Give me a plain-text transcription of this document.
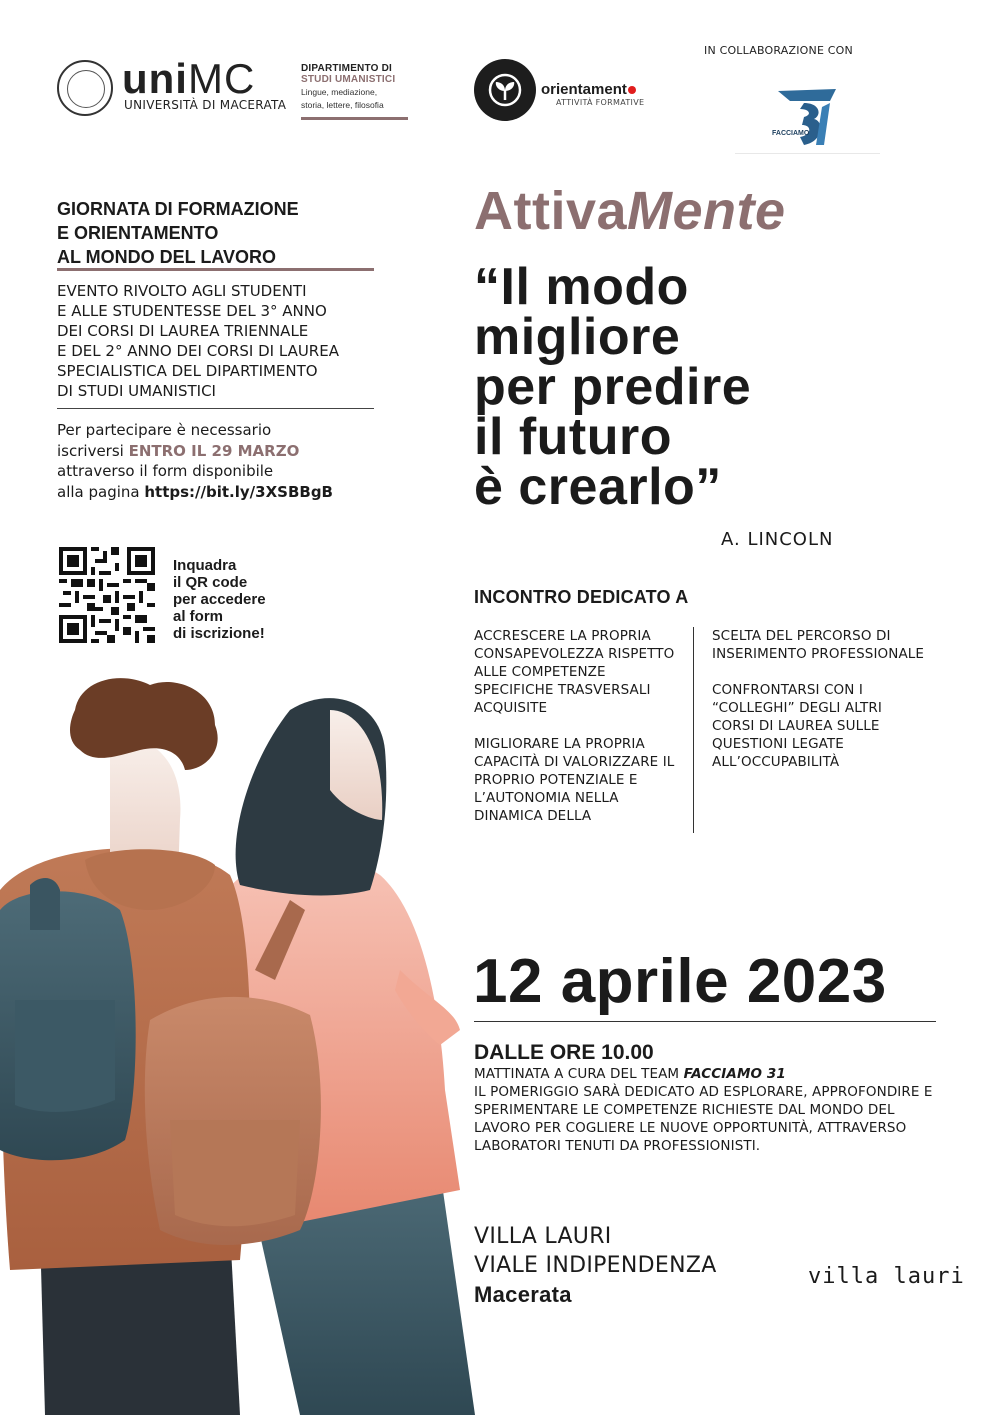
uniMC
UNIVERSITÀ DI MACERATA
DIPARTIMENTO DI
STUDI UMANISTICI
Lingue, mediazione,
storia, lettere, filosofia
orientament
ATTIVITÀ FORMATIVE
IN COLLABORAZIONE CON
FACCIAMO
GIORNATA DI FORMAZIONE
E ORIENTAMENTO
AL MONDO DEL LAVORO
EVENTO RIVOLTO AGLI STUDENTI
E ALLE STUDENTESSE DEL 3° ANNO
DEI CORSI DI LAUREA TRIENNALE
E DEL 2° ANNO DEI CORSI DI LAUREA
SPECIALISTICA DEL DIPARTIMENTO
DI STUDI UMANISTICI
Per partecipare è necessario
iscriversi ENTRO IL 29 MARZO
attraverso il form disponibile
alla pagina https://bit.ly/3XSBBgB
Inquadra
il QR code
per accedere
al form
di iscrizione!
AttivaMente
“Il modo
migliore
per predire
il futuro
è crearlo”
A. LINCOLN
INCONTRO DEDICATO A

ACCRESCERE LA PROPRIA CONSAPEVOLEZZA RISPETTO ALLE COMPETENZE SPECIFICHE TRASVERSALI ACQUISITE

MIGLIORARE LA PROPRIA CAPACITÀ DI VALORIZZARE IL PROPRIO POTENZIALE E L’AUTONOMIA NELLA DINAMICA DELLA

SCELTA DEL PERCORSO DI INSERIMENTO PROFESSIONALE

CONFRONTARSI CON I “COLLEGHI” DEGLI ALTRI CORSI DI LAUREA SULLE QUESTIONI LEGATE ALL’OCCUPABILITÀ

12 aprile 2023
DALLE ORE 10.00
MATTINATA A CURA DEL TEAM FACCIAMO 31
IL POMERIGGIO SARÀ DEDICATO AD ESPLORARE, APPROFONDIRE E SPERIMENTARE LE COMPETENZE RICHIESTE DAL MONDO DEL LAVORO PER COGLIERE LE NUOVE OPPORTUNITÀ, ATTRAVERSO LABORATORI TENUTI DA PROFESSIONISTI.
VILLA LAURI
VIALE INDIPENDENZA
Macerata
villa lauri
